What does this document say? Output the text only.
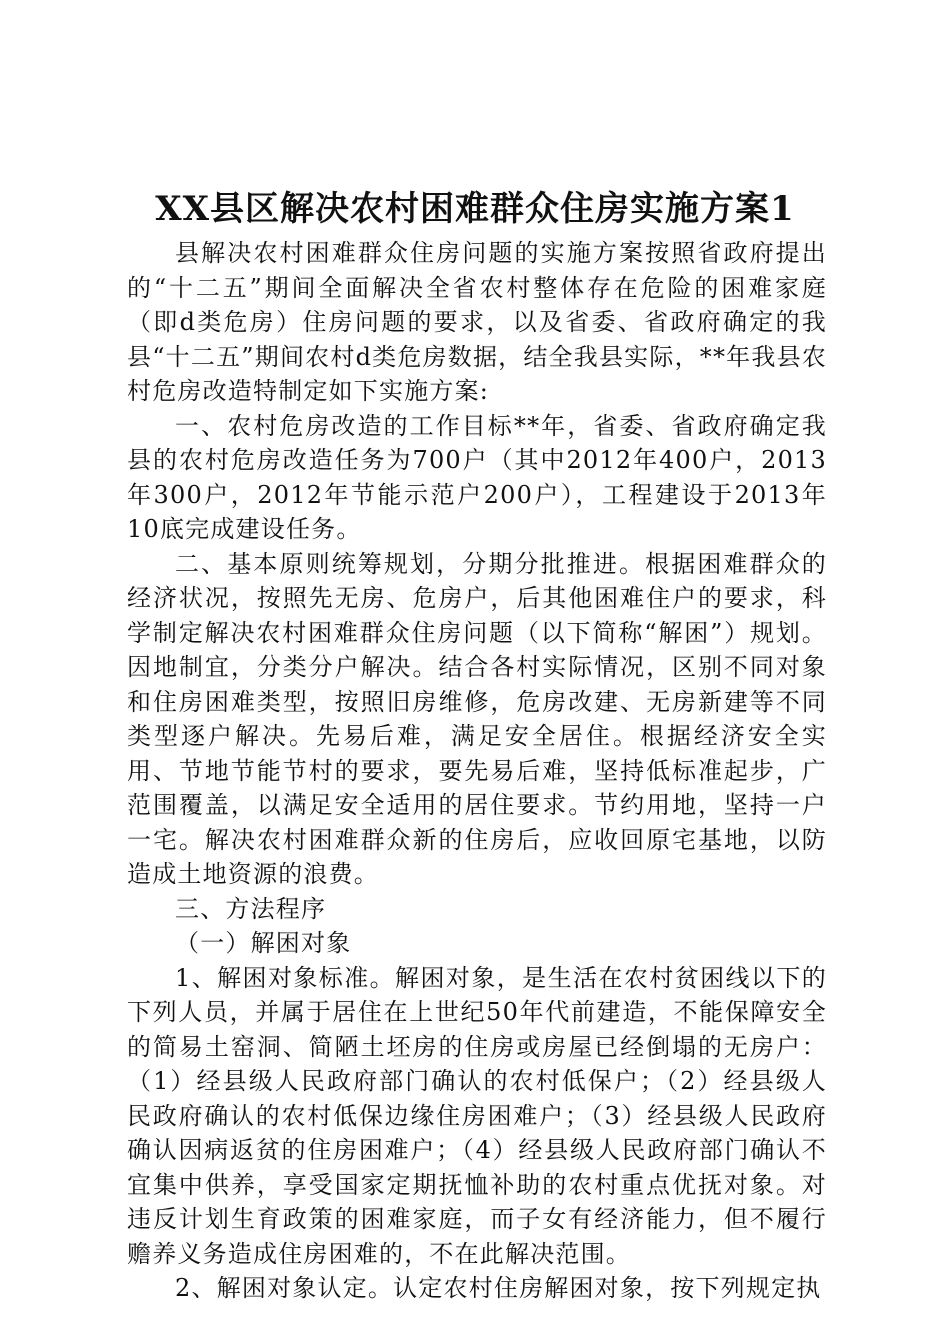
XX县区解决农村困难群众住房实施方案1

县解决农村困难群众住房问题的实施方案按照省政府提出的“十二五”期间全面解决全省农村整体存在危险的困难家庭（即d类危房）住房问题的要求，以及省委、省政府确定的我县“十二五”期间农村d类危房数据，结全我县实际，**年我县农村危房改造特制定如下实施方案:

一、农村危房改造的工作目标**年，省委、省政府确定我县的农村危房改造任务为700户（其中2012年400户，2013年300户，2012年节能示范户200户），工程建设于2013年10底完成建设任务。

二、基本原则统筹规划，分期分批推进。根据困难群众的经济状况，按照先无房、危房户，后其他困难住户的要求，科学制定解决农村困难群众住房问题（以下简称“解困”）规划。因地制宜，分类分户解决。结合各村实际情况，区别不同对象和住房困难类型，按照旧房维修，危房改建、无房新建等不同类型逐户解决。先易后难，满足安全居住。根据经济安全实用、节地节能节村的要求，要先易后难，坚持低标准起步，广范围覆盖，以满足安全适用的居住要求。节约用地，坚持一户一宅。解决农村困难群众新的住房后，应收回原宅基地，以防造成土地资源的浪费。

三、方法程序

（一）解困对象

1、解困对象标准。解困对象，是生活在农村贫困线以下的下列人员，并属于居住在上世纪50年代前建造，不能保障安全的简易土窑洞、简陋土坯房的住房或房屋已经倒塌的无房户：（1）经县级人民政府部门确认的农村低保户；（2）经县级人民政府确认的农村低保边缘住房困难户；（3）经县级人民政府确认因病返贫的住房困难户；（4）经县级人民政府部门确认不宜集中供养，享受国家定期抚恤补助的农村重点优抚对象。对违反计划生育政策的困难家庭，而子女有经济能力，但不履行赡养义务造成住房困难的，不在此解决范围。

2、解困对象认定。认定农村住房解困对象，按下列规定执
